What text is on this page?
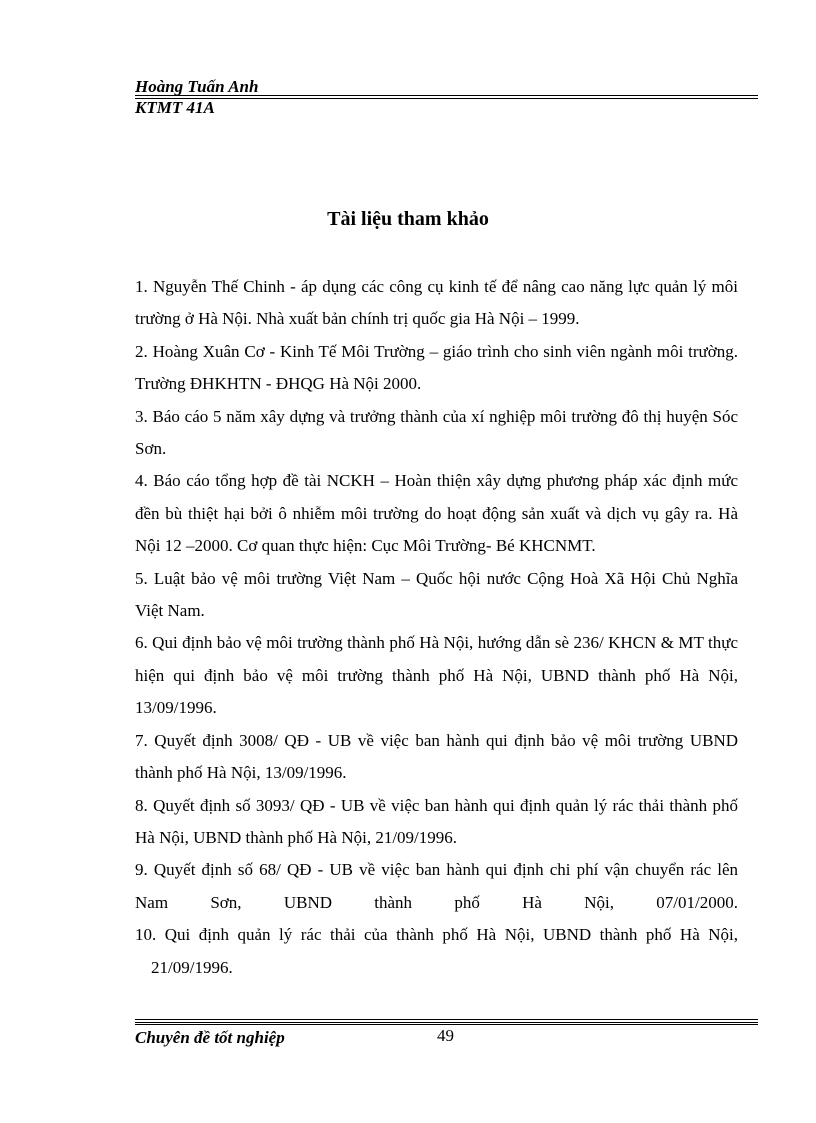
Hoàng Tuấn Anh
KTMT 41A
Tài liệu tham khảo

1. Nguyễn Thế Chinh - áp dụng các công cụ kinh tế để nâng cao năng lực quản lý môi trường ở Hà Nội. Nhà xuất bản chính trị quốc gia Hà Nội – 1999.

2. Hoàng Xuân Cơ - Kinh Tế Môi Trường – giáo trình cho sinh viên ngành môi trường. Trường ĐHKHTN - ĐHQG Hà Nội 2000.

3. Báo cáo 5 năm xây dựng và trưởng thành của xí nghiệp môi trường đô thị huyện Sóc Sơn.

4. Báo cáo tổng hợp đề tài NCKH – Hoàn thiện xây dựng phương pháp xác định mức đền bù thiệt hại bởi ô nhiễm môi trường do hoạt động sản xuất và dịch vụ gây ra. Hà Nội 12 –2000. Cơ quan thực hiện: Cục Môi Trường- Bé KHCNMT.

5. Luật bảo vệ môi trường Việt Nam – Quốc hội nước Cộng Hoà Xã Hội Chủ Nghĩa Việt Nam.

6. Qui định bảo vệ môi trường thành phố Hà Nội, hướng dẫn sè 236/ KHCN & MT thực hiện qui định bảo vệ môi trường thành phố Hà Nội, UBND thành phố Hà Nội, 13/09/1996.

7. Quyết định 3008/ QĐ - UB về việc ban hành qui định bảo vệ môi trường UBND thành phố Hà Nội, 13/09/1996.

8. Quyết định số 3093/ QĐ - UB về việc ban hành qui định quản lý rác thải thành phố Hà Nội, UBND thành phố Hà Nội, 21/09/1996.

9. Quyết định số 68/ QĐ - UB về việc ban hành qui định chi phí vận chuyển rác lên Nam Sơn, UBND thành phố Hà Nội, 07/01/2000.

10. Qui định quản lý rác thải của thành phố Hà Nội, UBND thành phố Hà Nội, 21/09/1996.

Chuyên đề tốt nghiệp	49
